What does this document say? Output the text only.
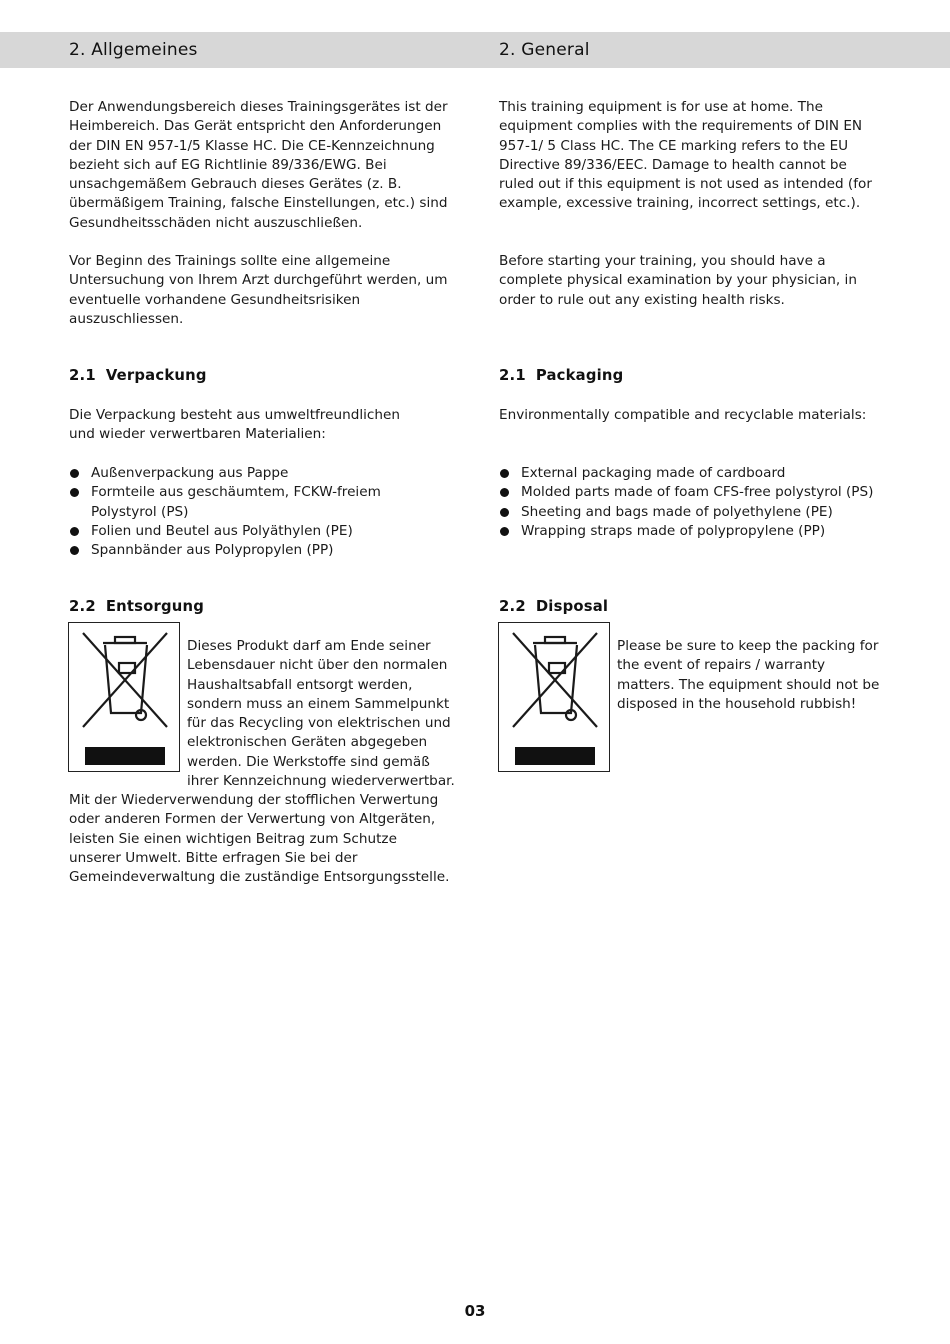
2. Allgemeines	2. General

Der Anwendungsbereich dieses Trainingsgerätes ist der Heimbereich. Das Gerät entspricht den Anforderungen der DIN EN 957-1/5 Klasse HC. Die CE-Kennzeichnung bezieht sich auf EG Richtlinie 89/336/EWG. Bei unsachgemäßem Gebrauch dieses Gerätes (z. B. übermäßigem Training, falsche Einstellungen, etc.) sind Gesundheitsschäden nicht auszuschließen.

Vor Beginn des Trainings sollte eine allgemeine Untersuchung von Ihrem Arzt durchgeführt werden, um eventuelle vorhandene Gesundheitsrisiken auszuschliessen.

This training equipment is for use at home. The equipment complies with the requirements of DIN EN 957-1/ 5 Class HC. The CE marking refers to the EU Directive 89/336/EEC. Damage to health cannot be ruled out if this equipment is not used as intended (for example, excessive training, incorrect settings, etc.).

Before starting your training, you should have a complete physical examination by your physician, in order to rule out any existing health risks.

2.1 Verpackung	2.1 Packaging

Die Verpackung besteht aus umweltfreundlichen und wieder verwertbaren Materialien:

Environmentally compatible and recyclable materials:

Außenverpackung aus Pappe
Formteile aus geschäumtem, FCKW-freiem Polystyrol (PS)
Folien und Beutel aus Polyäthylen (PE)
Spannbänder aus Polypropylen (PP)
External packaging made of cardboard
Molded parts made of foam CFS-free polystyrol (PS)
Sheeting and bags made of polyethylene (PE)
Wrapping straps made of polypropylene (PP)
2.2 Entsorgung	2.2 Disposal

Dieses Produkt darf am Ende seiner Lebensdauer nicht über den normalen Haushaltsabfall entsorgt werden, sondern muss an einem Sammelpunkt für das Recycling von elektrischen und elektronischen Geräten abgegeben werden. Die Werkstoffe sind gemäß ihrer Kennzeichnung wiederverwertbar.

Mit der Wiederverwendung der stofflichen Verwertung oder anderen Formen der Verwertung von Altgeräten, leisten Sie einen wichtigen Beitrag zum Schutze unserer Umwelt. Bitte erfragen Sie bei der Gemeindeverwaltung die zuständige Entsorgungsstelle.

Please be sure to keep the packing for the event of repairs / warranty matters. The equipment should not be disposed in the household rubbish!

03
